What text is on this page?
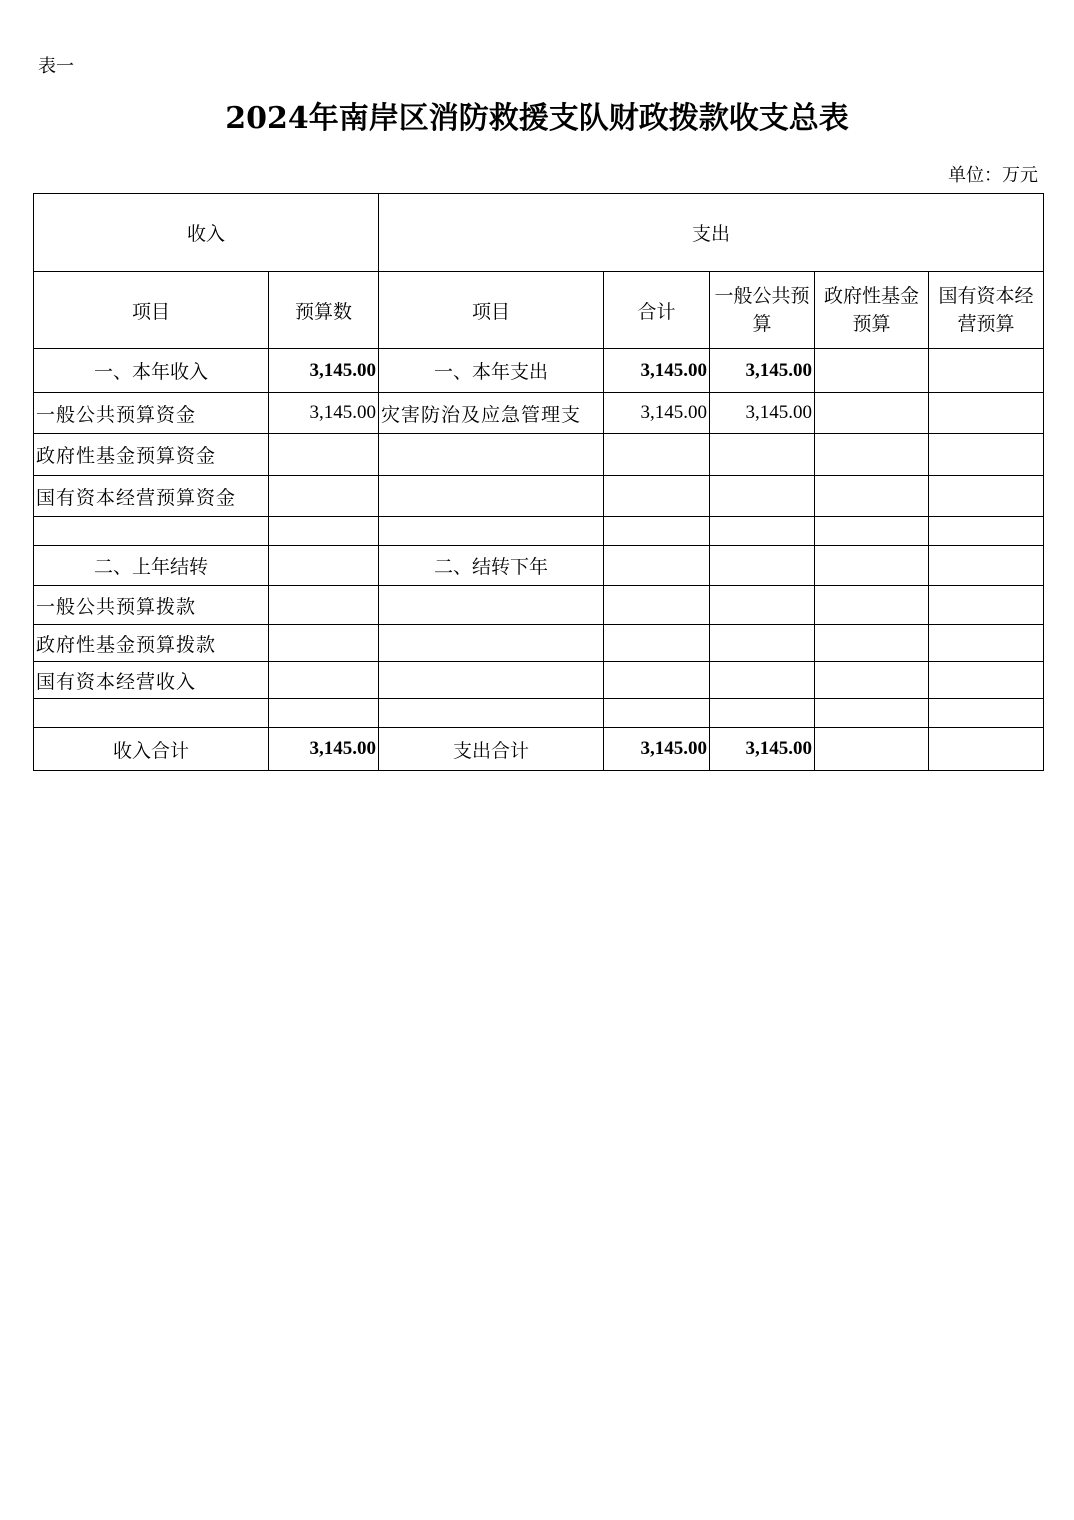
表一
2024年南岸区消防救援支队财政拨款收支总表
单位：万元
收入		支出				
项目	预算数	项目	合计	一般公共预算	政府性基金预算	国有资本经营预算
一、本年收入	3,145.00	一、本年支出	3,145.00	3,145.00		
一般公共预算资金	3,145.00	灾害防治及应急管理支	3,145.00	3,145.00		
政府性基金预算资金						
国有资本经营预算资金						

二、上年结转		二、结转下年				
一般公共预算拨款						
政府性基金预算拨款						
国有资本经营收入						

收入合计	3,145.00	支出合计	3,145.00	3,145.00		
